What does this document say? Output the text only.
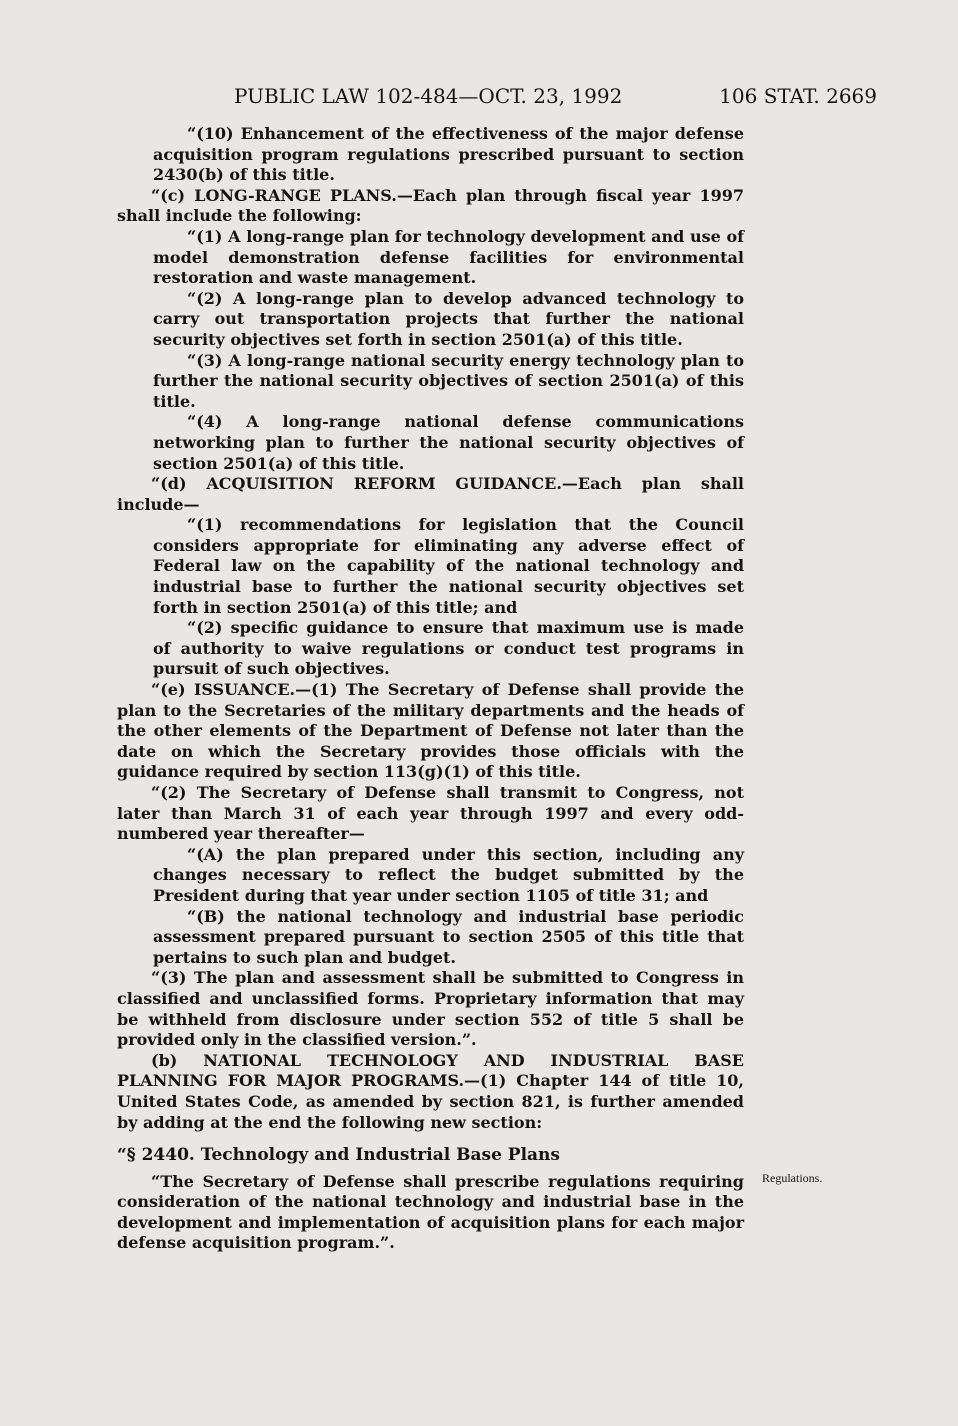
PUBLIC LAW 102-484—OCT. 23, 1992	106 STAT. 2669

“(10) Enhancement of the effectiveness of the major defense acquisition program regulations prescribed pursuant to section 2430(b) of this title.

“(c) LONG-RANGE PLANS.—Each plan through fiscal year 1997 shall include the following:

“(1) A long-range plan for technology development and use of model demonstration defense facilities for environmental restoration and waste management.

“(2) A long-range plan to develop advanced technology to carry out transportation projects that further the national security objectives set forth in section 2501(a) of this title.

“(3) A long-range national security energy technology plan to further the national security objectives of section 2501(a) of this title.

“(4) A long-range national defense communications networking plan to further the national security objectives of section 2501(a) of this title.

“(d) ACQUISITION REFORM GUIDANCE.—Each plan shall include—

“(1) recommendations for legislation that the Council considers appropriate for eliminating any adverse effect of Federal law on the capability of the national technology and industrial base to further the national security objectives set forth in section 2501(a) of this title; and

“(2) specific guidance to ensure that maximum use is made of authority to waive regulations or conduct test programs in pursuit of such objectives.

“(e) ISSUANCE.—(1) The Secretary of Defense shall provide the plan to the Secretaries of the military departments and the heads of the other elements of the Department of Defense not later than the date on which the Secretary provides those officials with the guidance required by section 113(g)(1) of this title.

“(2) The Secretary of Defense shall transmit to Congress, not later than March 31 of each year through 1997 and every odd-numbered year thereafter—

“(A) the plan prepared under this section, including any changes necessary to reflect the budget submitted by the President during that year under section 1105 of title 31; and

“(B) the national technology and industrial base periodic assessment prepared pursuant to section 2505 of this title that pertains to such plan and budget.

“(3) The plan and assessment shall be submitted to Congress in classified and unclassified forms. Proprietary information that may be withheld from disclosure under section 552 of title 5 shall be provided only in the classified version.”.

(b) NATIONAL TECHNOLOGY AND INDUSTRIAL BASE PLANNING FOR MAJOR PROGRAMS.—(1) Chapter 144 of title 10, United States Code, as amended by section 821, is further amended by adding at the end the following new section:

“§ 2440. Technology and Industrial Base Plans

“The Secretary of Defense shall prescribe regulations requiring consideration of the national technology and industrial base in the development and implementation of acquisition plans for each major defense acquisition program.”.

Regulations.
